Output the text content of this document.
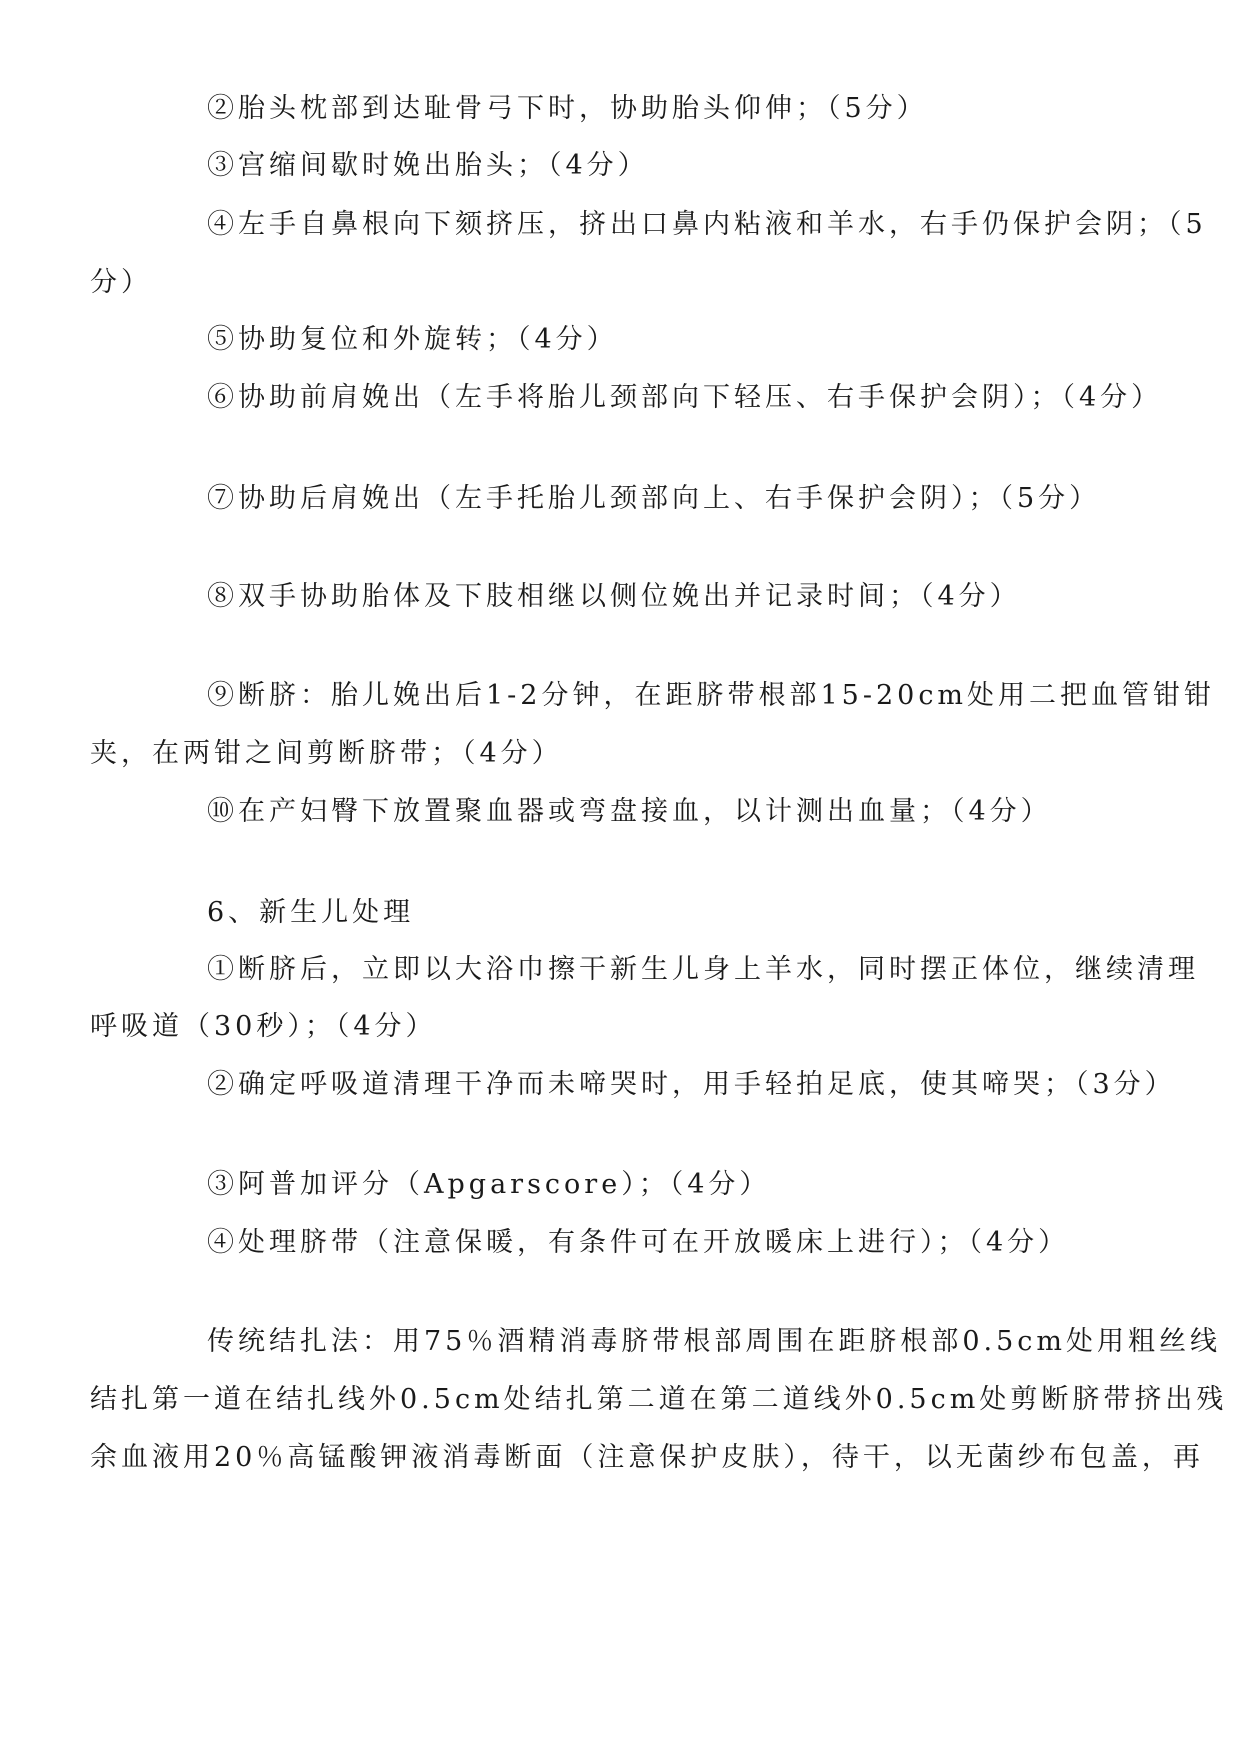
②胎头枕部到达耻骨弓下时，协助胎头仰伸；（5分）

③宫缩间歇时娩出胎头；（4分）

④左手自鼻根向下颏挤压，挤出口鼻内粘液和羊水，右手仍保护会阴；（5

分）

⑤协助复位和外旋转；（4分）

⑥协助前肩娩出（左手将胎儿颈部向下轻压、右手保护会阴）；（4分）

⑦协助后肩娩出（左手托胎儿颈部向上、右手保护会阴）；（5分）

⑧双手协助胎体及下肢相继以侧位娩出并记录时间；（4分）

⑨断脐：胎儿娩出后1-2分钟，在距脐带根部15-20cm处用二把血管钳钳

夹，在两钳之间剪断脐带；（4分）

⑩在产妇臀下放置聚血器或弯盘接血，以计测出血量；（4分）

6、新生儿处理

①断脐后，立即以大浴巾擦干新生儿身上羊水，同时摆正体位，继续清理

呼吸道（30秒）；（4分）

②确定呼吸道清理干净而未啼哭时，用手轻拍足底，使其啼哭；（3分）

③阿普加评分（Apgarscore）；（4分）

④处理脐带（注意保暖，有条件可在开放暖床上进行）；（4分）

传统结扎法：用75％酒精消毒脐带根部周围在距脐根部0.5cm处用粗丝线

结扎第一道在结扎线外0.5cm处结扎第二道在第二道线外0.5cm处剪断脐带挤出残

余血液用20％高锰酸钾液消毒断面（注意保护皮肤），待干，以无菌纱布包盖，再
